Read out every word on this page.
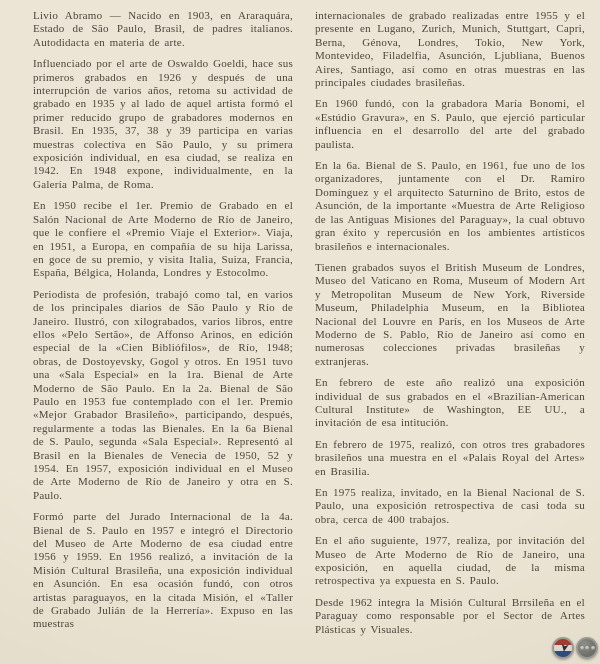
Livio Abramo — Nacido en 1903, en Araraquára, Estado de São Paulo, Brasil, de padres italianos. Autodidacta en materia de arte.

Influenciado por el arte de Oswaldo Goeldi, hace sus primeros grabados en 1926 y después de una interrupción de varios años, retoma su actividad de grabado en 1935 y al lado de aquel artista formó el primer reducido grupo de grabadores modernos en Brasil. En 1935, 37, 38 y 39 participa en varias muestras colectiva en São Paulo, y su primera exposición individual, en esa ciudad, se realiza en 1942. En 1948 expone, individualmente, en la Galería Palma, de Roma.

En 1950 recibe el 1er. Premio de Grabado en el Salón Nacional de Arte Moderno de Río de Janeiro, que le confiere el «Premio Viaje el Exterior». Viaja, en 1951, a Europa, en compañía de su hija Larissa, en goce de su premio, y visita Italia, Suiza, Francia, España, Bélgica, Holanda, Londres y Estocolmo.

Periodista de profesión, trabajó como tal, en varios de los principales diarios de São Paulo y Río de Janeiro. Ilustró, con xilograbados, varios libros, entre ellos «Pelo Sertão», de Affonso Arinos, en edición especial de la «Cien Bibliófilos», de Río, 1948; obras, de Dostoyevsky, Gogol y otros. En 1951 tuvo una «Sala Especial» en la 1ra. Bienal de Arte Moderno de São Paulo. En la 2a. Bienal de São Paulo en 1953 fue contemplado con el 1er. Premio «Mejor Grabador Brasileño», participando, después, regularmente a todas las Bienales. En la 6a Bienal de S. Paulo, segunda «Sala Especial». Representó al Brasil en la Bienales de Venecia de 1950, 52 y 1954. En 1957, exposición individual en el Museo de Arte Moderno de Río de Janeiro y otra en S. Paulo.

Formó parte del Jurado Internacional de la 4a. Bienal de S. Paulo en 1957 e integró el Directorio del Museo de Arte Moderno de esa ciudad entre 1956 y 1959. En 1956 realizó, a invitación de la Misión Cultural Brasileña, una exposición individual en Asunción. En esa ocasión fundó, con otros artistas paraguayos, en la citada Misión, el «Taller de Grabado Julián de la Herrería». Expuso en las muestras

internacionales de grabado realizadas entre 1955 y el presente en Lugano, Zurich, Munich, Stuttgart, Capri, Berna, Génova, Londres, Tokio, New York, Montevideo, Filadelfia, Asunción, Ljubliana, Buenos Aires, Santiago, así como en otras muestras en las principales ciudades brasileñas.

En 1960 fundó, con la grabadora María Bonomi, el «Estúdio Gravura», en S. Paulo, que ejerció particular influencia en el desarrollo del arte del grabado paulista.

En la 6a. Bienal de S. Paulo, en 1961, fue uno de los organizadores, juntamente con el Dr. Ramiro Domínguez y el arquitecto Saturnino de Brito, estos de Asunción, de la importante «Muestra de Arte Religioso de las Antiguas Misiones del Paraguay», la cual obtuvo gran éxito y repercusión en los ambientes artísticos brasileños e internacionales.

Tienen grabados suyos el British Museum de Londres, Museo del Vaticano en Roma, Museum of Modern Art y Metropolitan Museum de New York, Riverside Museum, Philadelphia Museum, en la Bibliotea Nacional del Louvre en París, en los Museos de Arte Moderno de S. Pablo, Río de Janeiro así como en numerosas colecciones privadas brasileñas y extranjeras.

En febrero de este año realizó una exposición individual de sus grabados en el «Brazilian-American Cultural Institute» de Washington, EE UU., a invitación de esa intitución.

En febrero de 1975, realizó, con otros tres grabadores brasileños una muestra en el «Palais Royal del Artes» en Brasilia.

En 1975 realiza, invitado, en la Bienal Nacional de S. Paulo, una exposición retrospectiva de casi toda su obra, cerca de 400 trabajos.

En el año suguiente, 1977, realiza, por invitación del Museo de Arte Moderno de Río de Janeiro, una exposición, en aquella ciudad, de la misma retrospectiva ya expuesta en S. Paulo.

Desde 1962 integra la Misión Cultural Brrsileña en el Paraguay como responsable por el Sector de Artes Plásticas y Visuales.

➤
